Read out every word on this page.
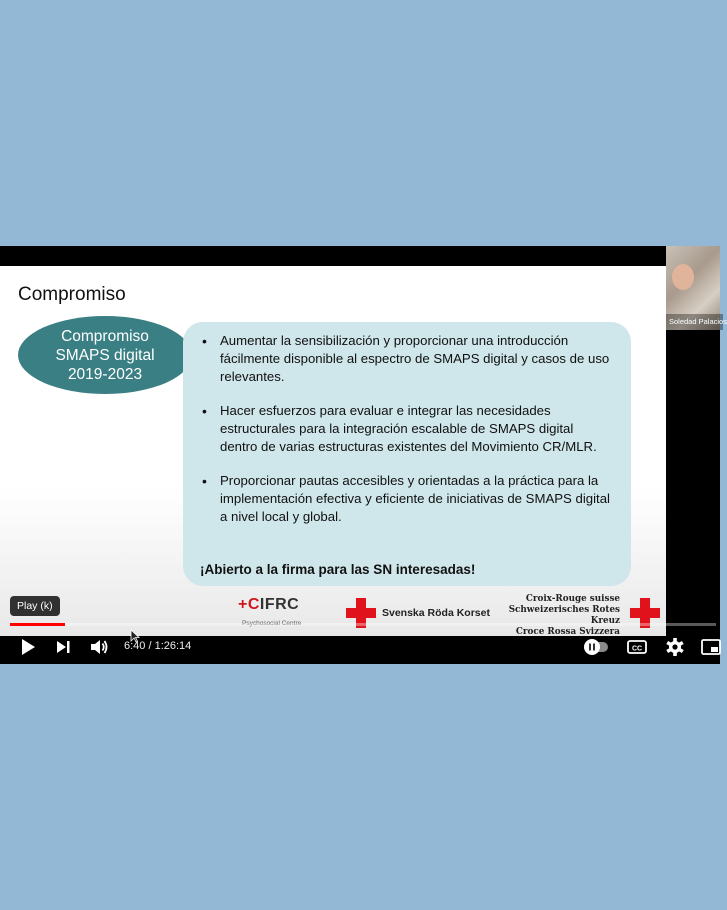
Compromiso
Compromiso
SMAPS digital
2019-2023
• Aumentar la sensibilización y proporcionar una introducción fácilmente disponible al espectro de SMAPS digital y casos de uso relevantes.
• Hacer esfuerzos para evaluar e integrar las necesidades estructurales para la integración escalable de SMAPS digital dentro de varias estructuras existentes del Movimiento CR/MLR.
• Proporcionar pautas accesibles y orientadas a la práctica para la implementación efectiva y eficiente de iniciativas de SMAPS digital a nivel local y global.
¡Abierto a la firma para las SN interesadas!
+CIFRC
Psychosocial Centre
Svenska Röda Korset
Croix-Rouge suisse
Schweizerisches Rotes Kreuz
Croce Rossa Svizzera
Soledad Palacios
Play (k)
6:40 / 1:26:14	CC
